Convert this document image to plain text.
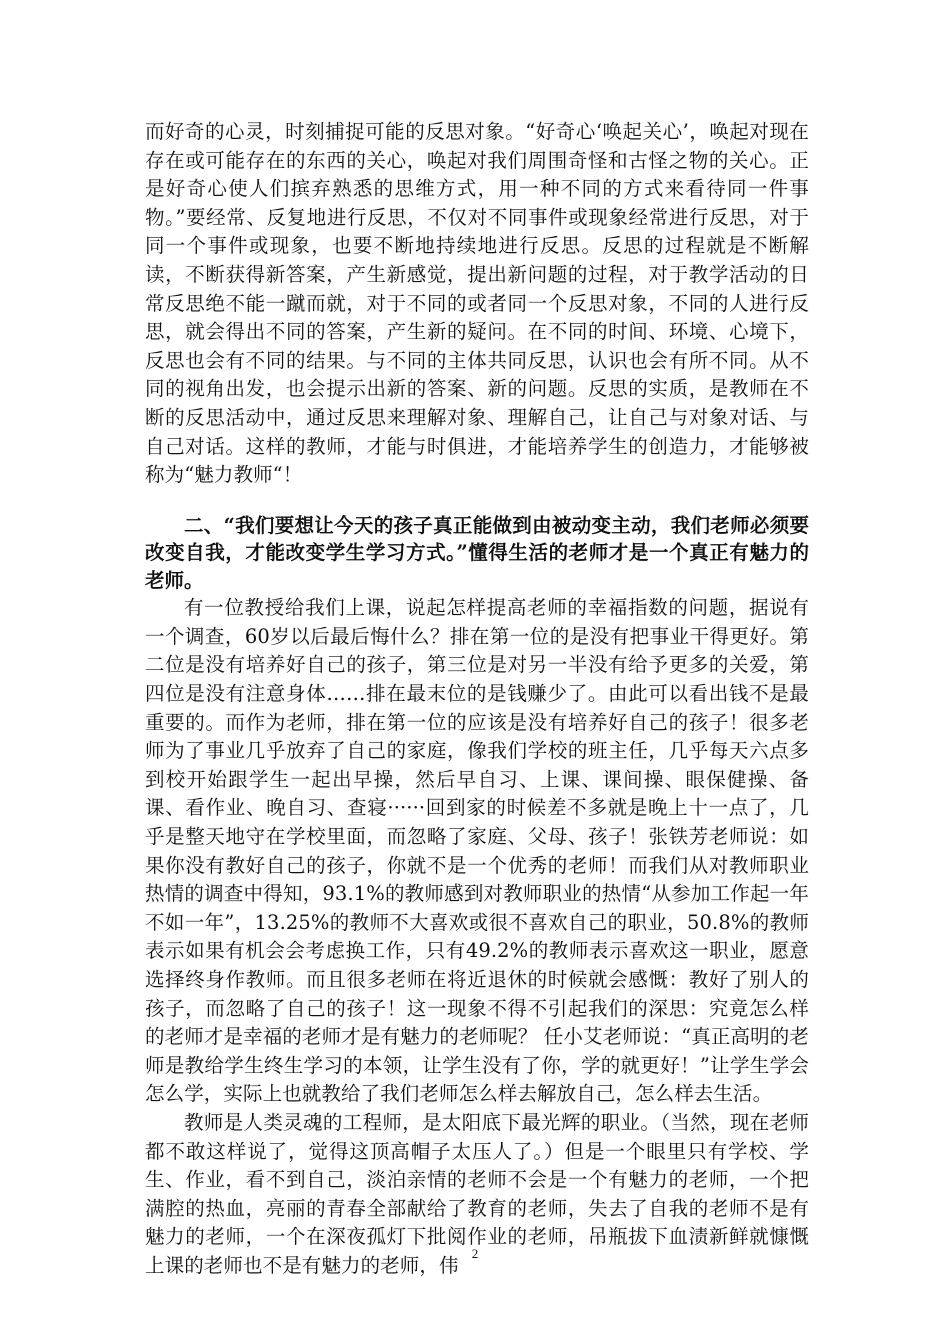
而好奇的心灵，时刻捕捉可能的反思对象。“好奇心‘唤起关心’，唤起对现在存在或可能存在的东西的关心，唤起对我们周围奇怪和古怪之物的关心。正是好奇心使人们摈弃熟悉的思维方式，用一种不同的方式来看待同一件事物。”要经常、反复地进行反思，不仅对不同事件或现象经常进行反思，对于同一个事件或现象，也要不断地持续地进行反思。反思的过程就是不断解读，不断获得新答案，产生新感觉，提出新问题的过程，对于教学活动的日常反思绝不能一蹴而就，对于不同的或者同一个反思对象，不同的人进行反思，就会得出不同的答案，产生新的疑问。在不同的时间、环境、心境下，反思也会有不同的结果。与不同的主体共同反思，认识也会有所不同。从不同的视角出发，也会提示出新的答案、新的问题。反思的实质，是教师在不断的反思活动中，通过反思来理解对象、理解自己，让自己与对象对话、与自己对话。这样的教师，才能与时俱进，才能培养学生的创造力，才能够被称为“魅力教师“！

二、“我们要想让今天的孩子真正能做到由被动变主动，我们老师必须要改变自我，才能改变学生学习方式。”懂得生活的老师才是一个真正有魅力的老师。

有一位教授给我们上课，说起怎样提高老师的幸福指数的问题，据说有一个调查，60岁以后最后悔什么？排在第一位的是没有把事业干得更好。第二位是没有培养好自己的孩子，第三位是对另一半没有给予更多的关爱，第四位是没有注意身体……排在最末位的是钱赚少了。由此可以看出钱不是最重要的。而作为老师，排在第一位的应该是没有培养好自己的孩子！很多老师为了事业几乎放弃了自己的家庭，像我们学校的班主任，几乎每天六点多到校开始跟学生一起出早操，然后早自习、上课、课间操、眼保健操、备课、看作业、晚自习、查寝······回到家的时候差不多就是晚上十一点了，几乎是整天地守在学校里面，而忽略了家庭、父母、孩子！张铁芳老师说：如果你没有教好自己的孩子，你就不是一个优秀的老师！而我们从对教师职业热情的调查中得知，93.1%的教师感到对教师职业的热情“从参加工作起一年不如一年”，13.25%的教师不大喜欢或很不喜欢自己的职业，50.8%的教师表示如果有机会会考虑换工作，只有49.2%的教师表示喜欢这一职业，愿意选择终身作教师。而且很多老师在将近退休的时候就会感慨：教好了别人的孩子，而忽略了自己的孩子！这一现象不得不引起我们的深思：究竟怎么样的老师才是幸福的老师才是有魅力的老师呢？ 任小艾老师说：“真正高明的老师是教给学生终生学习的本领，让学生没有了你，学的就更好！”让学生学会怎么学，实际上也就教给了我们老师怎么样去解放自己，怎么样去生活。

教师是人类灵魂的工程师，是太阳底下最光辉的职业。（当然，现在老师都不敢这样说了，觉得这顶高帽子太压人了。）但是一个眼里只有学校、学生、作业，看不到自己，淡泊亲情的老师不会是一个有魅力的老师，一个把满腔的热血，亮丽的青春全部献给了教育的老师，失去了自我的老师不是有魅力的老师，一个在深夜孤灯下批阅作业的老师，吊瓶拔下血渍新鲜就慷慨上课的老师也不是有魅力的老师，伟

2
